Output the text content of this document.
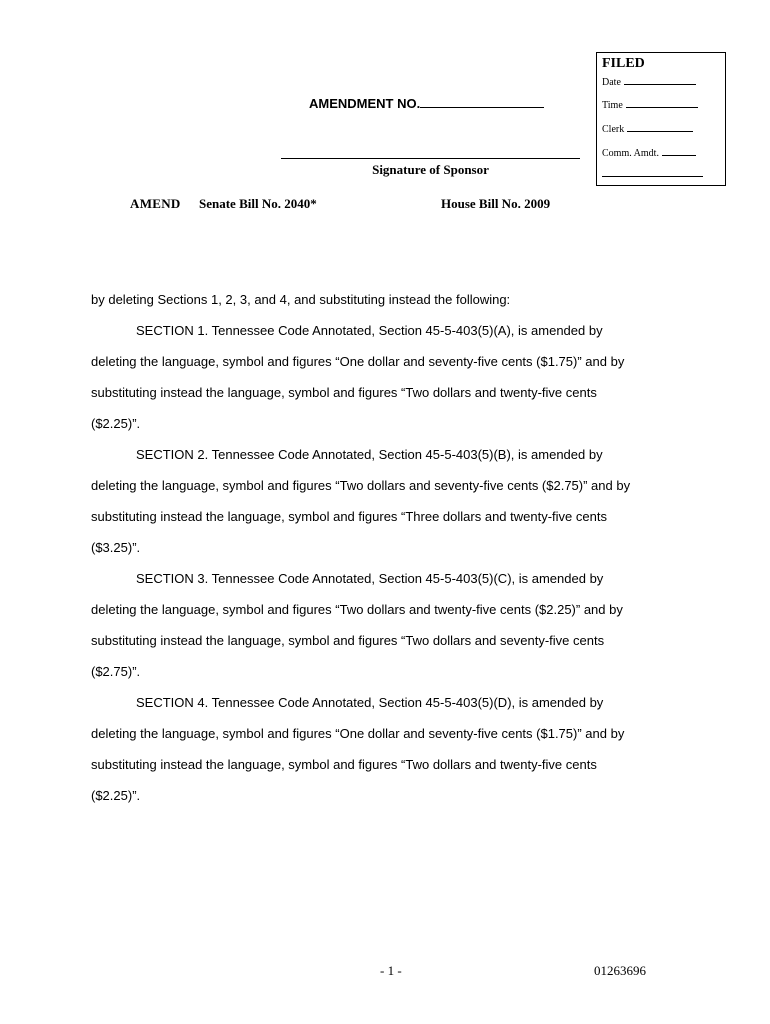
FILED
Date
Time
Clerk
Comm. Amdt.
AMENDMENT NO.
Signature of Sponsor
AMEND Senate Bill No. 2040*	House Bill No. 2009
by deleting Sections 1, 2, 3, and 4, and substituting instead the following:
SECTION 1. Tennessee Code Annotated, Section 45-5-403(5)(A), is amended by
deleting the language, symbol and figures “One dollar and seventy-five cents ($1.75)” and by
substituting instead the language, symbol and figures “Two dollars and twenty-five cents
($2.25)”.
SECTION 2. Tennessee Code Annotated, Section 45-5-403(5)(B), is amended by
deleting the language, symbol and figures “Two dollars and seventy-five cents ($2.75)” and by
substituting instead the language, symbol and figures “Three dollars and twenty-five cents
($3.25)”.
SECTION 3. Tennessee Code Annotated, Section 45-5-403(5)(C), is amended by
deleting the language, symbol and figures “Two dollars and twenty-five cents ($2.25)” and by
substituting instead the language, symbol and figures “Two dollars and seventy-five cents
($2.75)”.
SECTION 4. Tennessee Code Annotated, Section 45-5-403(5)(D), is amended by
deleting the language, symbol and figures “One dollar and seventy-five cents ($1.75)” and by
substituting instead the language, symbol and figures “Two dollars and twenty-five cents
($2.25)”.
- 1 -	01263696
